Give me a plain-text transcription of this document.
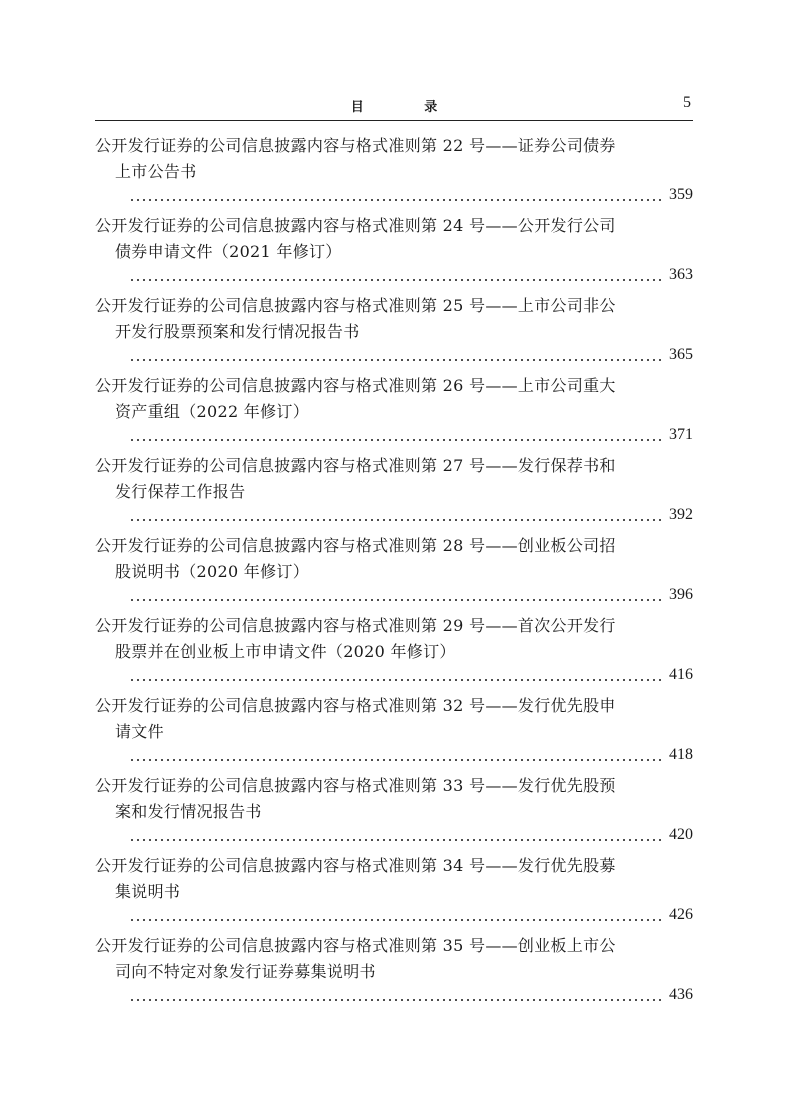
目 录	5
公开发行证券的公司信息披露内容与格式准则第 22 号——证券公司债券
上市公告书
359
公开发行证券的公司信息披露内容与格式准则第 24 号——公开发行公司
债券申请文件（2021 年修订）
363
公开发行证券的公司信息披露内容与格式准则第 25 号——上市公司非公
开发行股票预案和发行情况报告书
365
公开发行证券的公司信息披露内容与格式准则第 26 号——上市公司重大
资产重组（2022 年修订）
371
公开发行证券的公司信息披露内容与格式准则第 27 号——发行保荐书和
发行保荐工作报告
392
公开发行证券的公司信息披露内容与格式准则第 28 号——创业板公司招
股说明书（2020 年修订）
396
公开发行证券的公司信息披露内容与格式准则第 29 号——首次公开发行
股票并在创业板上市申请文件（2020 年修订）
416
公开发行证券的公司信息披露内容与格式准则第 32 号——发行优先股申
请文件
418
公开发行证券的公司信息披露内容与格式准则第 33 号——发行优先股预
案和发行情况报告书
420
公开发行证券的公司信息披露内容与格式准则第 34 号——发行优先股募
集说明书
426
公开发行证券的公司信息披露内容与格式准则第 35 号——创业板上市公
司向不特定对象发行证券募集说明书
436
